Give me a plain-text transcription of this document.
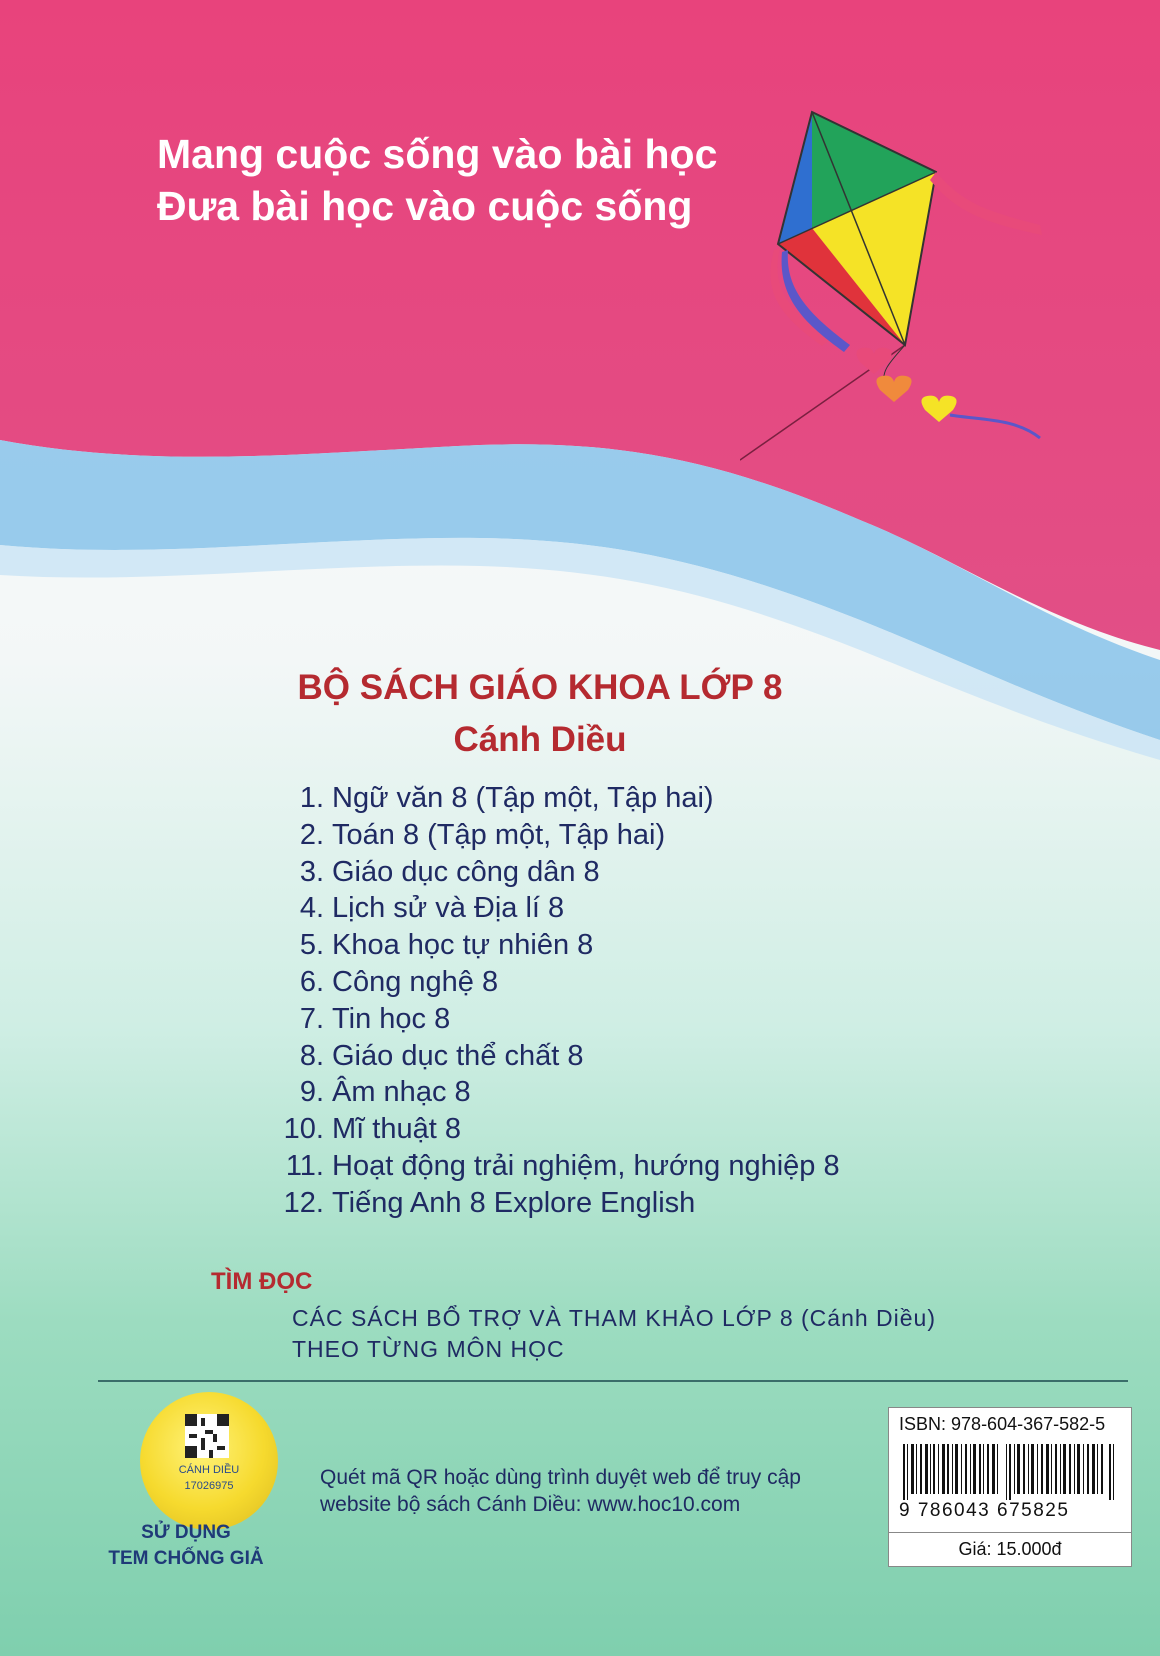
Mang cuộc sống vào bài học
Đưa bài học vào cuộc sống
BỘ SÁCH GIÁO KHOA LỚP 8
Cánh Diều
1. Ngữ văn 8 (Tập một, Tập hai)
2. Toán 8 (Tập một, Tập hai)
3. Giáo dục công dân 8
4. Lịch sử và Địa lí 8
5. Khoa học tự nhiên 8
6. Công nghệ 8
7. Tin học 8
8. Giáo dục thể chất 8
9. Âm nhạc 8
10. Mĩ thuật 8
11. Hoạt động trải nghiệm, hướng nghiệp 8
12. Tiếng Anh 8 Explore English
TÌM ĐỌC
CÁC SÁCH BỔ TRỢ VÀ THAM KHẢO LỚP 8 (Cánh Diều)
THEO TỪNG MÔN HỌC
CÁNH DIỀU
17026975
SỬ DỤNG
TEM CHỐNG GIẢ
Quét mã QR hoặc dùng trình duyệt web để truy cập
website bộ sách Cánh Diều: www.hoc10.com
ISBN: 978-604-367-582-5
9 786043 675825
Giá: 15.000đ
